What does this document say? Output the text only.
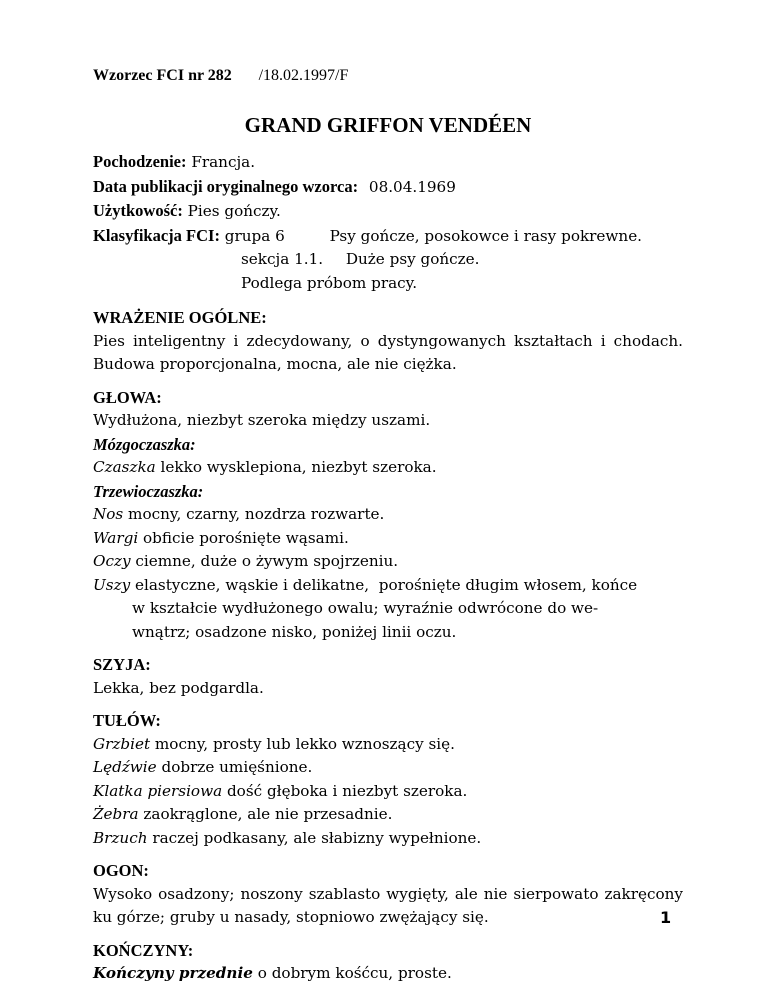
Wzorzec FCI nr 282 /18.02.1997/F
GRAND GRIFFON VENDÉEN
Pochodzenie: Francja.
Data publikacji oryginalnego wzorca: 08.04.1969
Użytkowość: Pies gończy.
Klasyfikacja FCI: grupa 6	Psy gończe, posokowce i rasy pokrewne.
sekcja 1.1. Duże psy gończe.
Podlega próbom pracy.
WRAŻENIE OGÓLNE:
Pies inteligentny i zdecydowany, o dystyngowanych kształtach i chodach. Budowa proporcjonalna, mocna, ale nie ciężka.
GŁOWA:
Wydłużona, niezbyt szeroka między uszami.
Mózgoczaszka:
Czaszka lekko wysklepiona, niezbyt szeroka.
Trzewioczaszka:
Nos mocny, czarny, nozdrza rozwarte.
Wargi obficie porośnięte wąsami.
Oczy ciemne, duże o żywym spojrzeniu.
Uszy elastyczne, wąskie i delikatne,  porośnięte długim włosem, końce
w kształcie wydłużonego owalu; wyraźnie odwrócone do we-
wnątrz; osadzone nisko, poniżej linii oczu.
SZYJA:
Lekka, bez podgardla.
TUŁÓW:
Grzbiet mocny, prosty lub lekko wznoszący się.
Lędźwie dobrze umięśnione.
Klatka piersiowa dość głęboka i niezbyt szeroka.
Żebra zaokrąglone, ale nie przesadnie.
Brzuch raczej podkasany, ale słabizny wypełnione.
OGON:
Wysoko osadzony; noszony szablasto wygięty, ale nie sierpowato zakręcony ku górze; gruby u nasady, stopniowo zwężający się.
KOŃCZYNY:
Kończyny przednie o dobrym kośćcu, proste.
1
